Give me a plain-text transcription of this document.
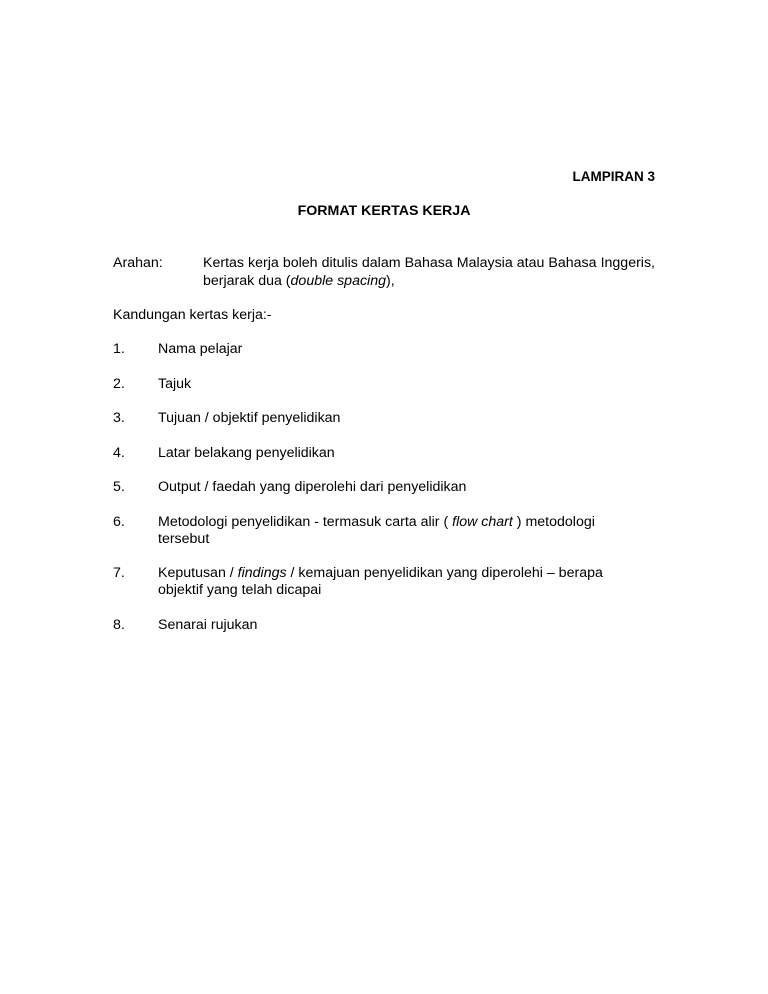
LAMPIRAN 3
FORMAT KERTAS KERJA
Arahan:	Kertas kerja boleh ditulis dalam Bahasa Malaysia atau Bahasa Inggeris, berjarak dua (double spacing),
Kandungan kertas kerja:-
1. Nama pelajar
2. Tajuk
3. Tujuan / objektif penyelidikan
4. Latar belakang penyelidikan
5. Output / faedah yang diperolehi dari penyelidikan
6. Metodologi penyelidikan - termasuk carta alir ( flow chart ) metodologi tersebut
7. Keputusan / findings / kemajuan penyelidikan yang diperolehi – berapa objektif yang telah dicapai
8. Senarai rujukan
